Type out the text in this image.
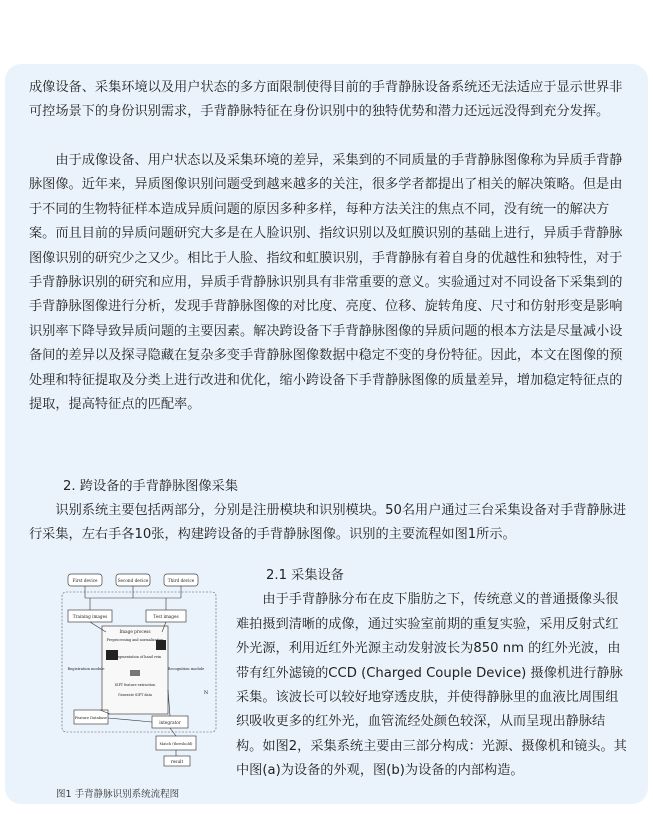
成像设备、采集环境以及用户状态的多方面限制使得目前的手背静脉设备系统还无法适应于显示世界非可控场景下的身份识别需求，手背静脉特征在身份识别中的独特优势和潜力还远远没得到充分发挥。

由于成像设备、用户状态以及采集环境的差异，采集到的不同质量的手背静脉图像称为异质手背静脉图像。近年来，异质图像识别问题受到越来越多的关注，很多学者都提出了相关的解决策略。但是由于不同的生物特征样本造成异质问题的原因多种多样，每种方法关注的焦点不同，没有统一的解决方案。而且目前的异质问题研究大多是在人脸识别、指纹识别以及虹膜识别的基础上进行，异质手背静脉图像识别的研究少之又少。相比于人脸、指纹和虹膜识别，手背静脉有着自身的优越性和独特性，对于手背静脉识别的研究和应用，异质手背静脉识别具有非常重要的意义。实验通过对不同设备下采集到的手背静脉图像进行分析，发现手背静脉图像的对比度、亮度、位移、旋转角度、尺寸和仿射形变是影响识别率下降导致异质问题的主要因素。解决跨设备下手背静脉图像的异质问题的根本方法是尽量减小设备间的差异以及探寻隐藏在复杂多变手背静脉图像数据中稳定不变的身份特征。因此，本文在图像的预处理和特征提取及分类上进行改进和优化，缩小跨设备下手背静脉图像的质量差异，增加稳定特征点的提取，提高特征点的匹配率。

2. 跨设备的手背静脉图像采集

识别系统主要包括两部分，分别是注册模块和识别模块。50名用户通过三台采集设备对手背静脉进行采集，左右手各10张，构建跨设备的手背静脉图像。识别的主要流程如图1所示。

2.1 采集设备

由于手背静脉分布在皮下脂肪之下，传统意义的普通摄像头很难拍摄到清晰的成像，通过实验室前期的重复实验，采用反射式红外光源，利用近红外光源主动发射波长为850 nm 的红外光波，由带有红外滤镜的CCD (Charged Couple Device) 摄像机进行静脉采集。该波长可以较好地穿透皮肤，并使得静脉里的血液比周围组织吸收更多的红外光，血管流经处颜色较深，从而呈现出静脉结构。如图2，采集系统主要由三部分构成：光源、摄像机和镜头。其中图(a)为设备的外观，图(b)为设备的内部构造。

First device	Second device	Third device
Training images	Test images
Image process
Preprocessing and normalization
Segmentation of hand vein
SIFT feature extraction
Generate SIFT data
Registration module	Recognition module
Feature Database
integrator
Match (threshold)
result
N
图1 手背静脉识别系统流程图
